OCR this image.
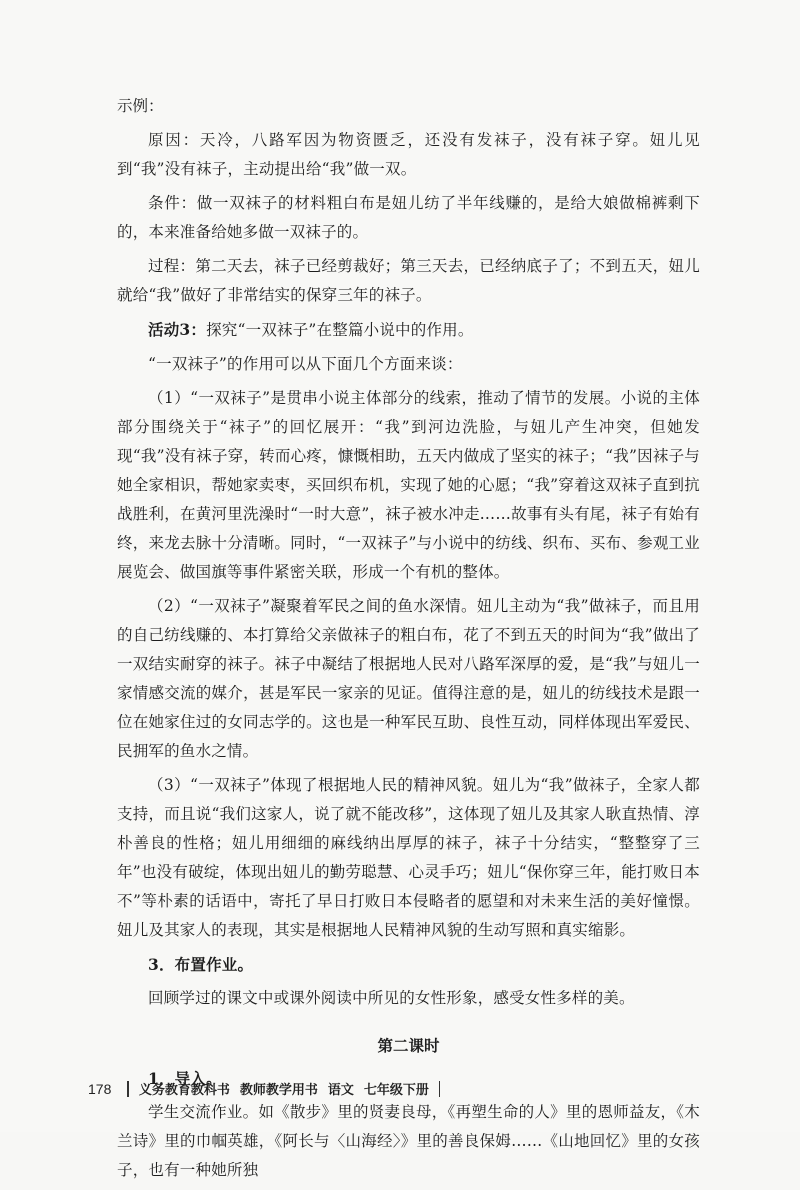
示例：

原因：天冷，八路军因为物资匮乏，还没有发袜子，没有袜子穿。妞儿见到“我”没有袜子，主动提出给“我”做一双。

条件：做一双袜子的材料粗白布是妞儿纺了半年线赚的，是给大娘做棉裤剩下的，本来准备给她多做一双袜子的。

过程：第二天去，袜子已经剪裁好；第三天去，已经纳底子了；不到五天，妞儿就给“我”做好了非常结实的保穿三年的袜子。

活动3：探究“一双袜子”在整篇小说中的作用。

“一双袜子”的作用可以从下面几个方面来谈：

（1）“一双袜子”是贯串小说主体部分的线索，推动了情节的发展。小说的主体部分围绕关于“袜子”的回忆展开：“我”到河边洗脸，与妞儿产生冲突，但她发现“我”没有袜子穿，转而心疼，慷慨相助，五天内做成了坚实的袜子；“我”因袜子与她全家相识，帮她家卖枣，买回织布机，实现了她的心愿；“我”穿着这双袜子直到抗战胜利，在黄河里洗澡时“一时大意”，袜子被水冲走……故事有头有尾，袜子有始有终，来龙去脉十分清晰。同时，“一双袜子”与小说中的纺线、织布、买布、参观工业展览会、做国旗等事件紧密关联，形成一个有机的整体。

（2）“一双袜子”凝聚着军民之间的鱼水深情。妞儿主动为“我”做袜子，而且用的自己纺线赚的、本打算给父亲做袜子的粗白布，花了不到五天的时间为“我”做出了一双结实耐穿的袜子。袜子中凝结了根据地人民对八路军深厚的爱，是“我”与妞儿一家情感交流的媒介，甚是军民一家亲的见证。值得注意的是，妞儿的纺线技术是跟一位在她家住过的女同志学的。这也是一种军民互助、良性互动，同样体现出军爱民、民拥军的鱼水之情。

（3）“一双袜子”体现了根据地人民的精神风貌。妞儿为“我”做袜子，全家人都支持，而且说“我们这家人，说了就不能改移”，这体现了妞儿及其家人耿直热情、淳朴善良的性格；妞儿用细细的麻线纳出厚厚的袜子，袜子十分结实，“整整穿了三年”也没有破绽，体现出妞儿的勤劳聪慧、心灵手巧；妞儿“保你穿三年，能打败日本不”等朴素的话语中，寄托了早日打败日本侵略者的愿望和对未来生活的美好憧憬。妞儿及其家人的表现，其实是根据地人民精神风貌的生动写照和真实缩影。

3．布置作业。

回顾学过的课文中或课外阅读中所见的女性形象，感受女性多样的美。

第二课时

1．导入。

学生交流作业。如《散步》里的贤妻良母，《再塑生命的人》里的恩师益友，《木兰诗》里的巾帼英雄，《阿长与〈山海经〉》里的善良保姆……《山地回忆》里的女孩子，也有一种她所独

178 义务教育教科书 教师教学用书 语文 七年级下册
